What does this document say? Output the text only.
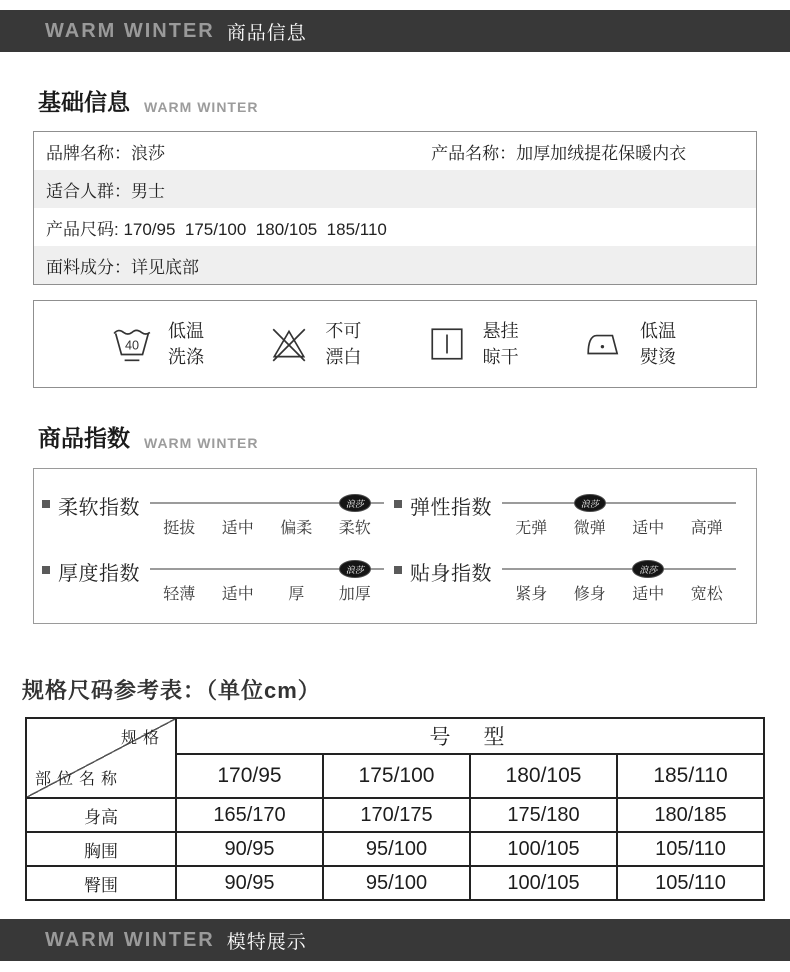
WARM WINTER 商品信息
基础信息 WARM WINTER
品牌名称：浪莎	产品名称：加厚加绒提花保暖内衣
适合人群：男士
产品尺码: 170/95  175/100  180/105  185/110
面料成分：详见底部
40
低温
洗涤
不可
漂白
悬挂
晾干
低温
熨烫
商品指数 WARM WINTER
柔软指数	浪莎
挺拔	适中	偏柔	柔软
弹性指数	浪莎
无弹	微弹	适中	高弹
厚度指数	浪莎
轻薄	适中	厚	加厚
贴身指数	浪莎
紧身	修身	适中	宽松
规格尺码参考表：（单位cm）
规格
部位名称	号　型			
	170/95	175/100	180/105	185/110
身高	165/170	170/175	175/180	180/185
胸围	90/95	95/100	100/105	105/110
臀围	90/95	95/100	100/105	105/110
WARM WINTER 模特展示
